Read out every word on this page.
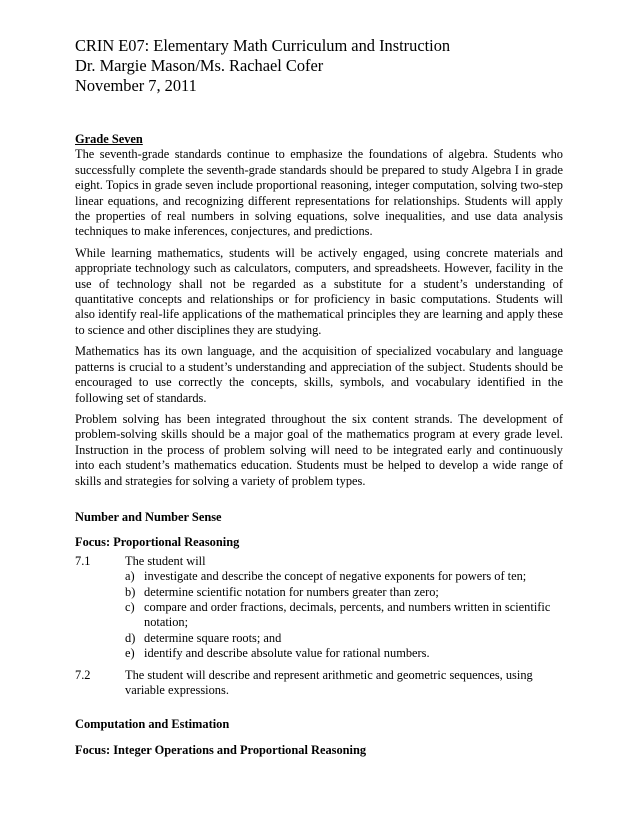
CRIN E07: Elementary Math Curriculum and Instruction
Dr. Margie Mason/Ms. Rachael Cofer
November 7, 2011
Grade Seven

The seventh-grade standards continue to emphasize the foundations of algebra. Students who successfully complete the seventh-grade standards should be prepared to study Algebra I in grade eight. Topics in grade seven include proportional reasoning, integer computation, solving two-step linear equations, and recognizing different representations for relationships. Students will apply the properties of real numbers in solving equations, solve inequalities, and use data analysis techniques to make inferences, conjectures, and predictions.

While learning mathematics, students will be actively engaged, using concrete materials and appropriate technology such as calculators, computers, and spreadsheets. However, facility in the use of technology shall not be regarded as a substitute for a student’s understanding of quantitative concepts and relationships or for proficiency in basic computations. Students will also identify real-life applications of the mathematical principles they are learning and apply these to science and other disciplines they are studying.

Mathematics has its own language, and the acquisition of specialized vocabulary and language patterns is crucial to a student’s understanding and appreciation of the subject. Students should be encouraged to use correctly the concepts, skills, symbols, and vocabulary identified in the following set of standards.

Problem solving has been integrated throughout the six content strands. The development of problem-solving skills should be a major goal of the mathematics program at every grade level. Instruction in the process of problem solving will need to be integrated early and continuously into each student’s mathematics education. Students must be helped to develop a wide range of skills and strategies for solving a variety of problem types.

Number and Number Sense
Focus: Proportional Reasoning
7.1	The student will
a) investigate and describe the concept of negative exponents for powers of ten;
b) determine scientific notation for numbers greater than zero;
c) compare and order fractions, decimals, percents, and numbers written in scientific notation;
d) determine square roots; and
e) identify and describe absolute value for rational numbers.
7.2	The student will describe and represent arithmetic and geometric sequences, using variable expressions.
Computation and Estimation
Focus: Integer Operations and Proportional Reasoning
